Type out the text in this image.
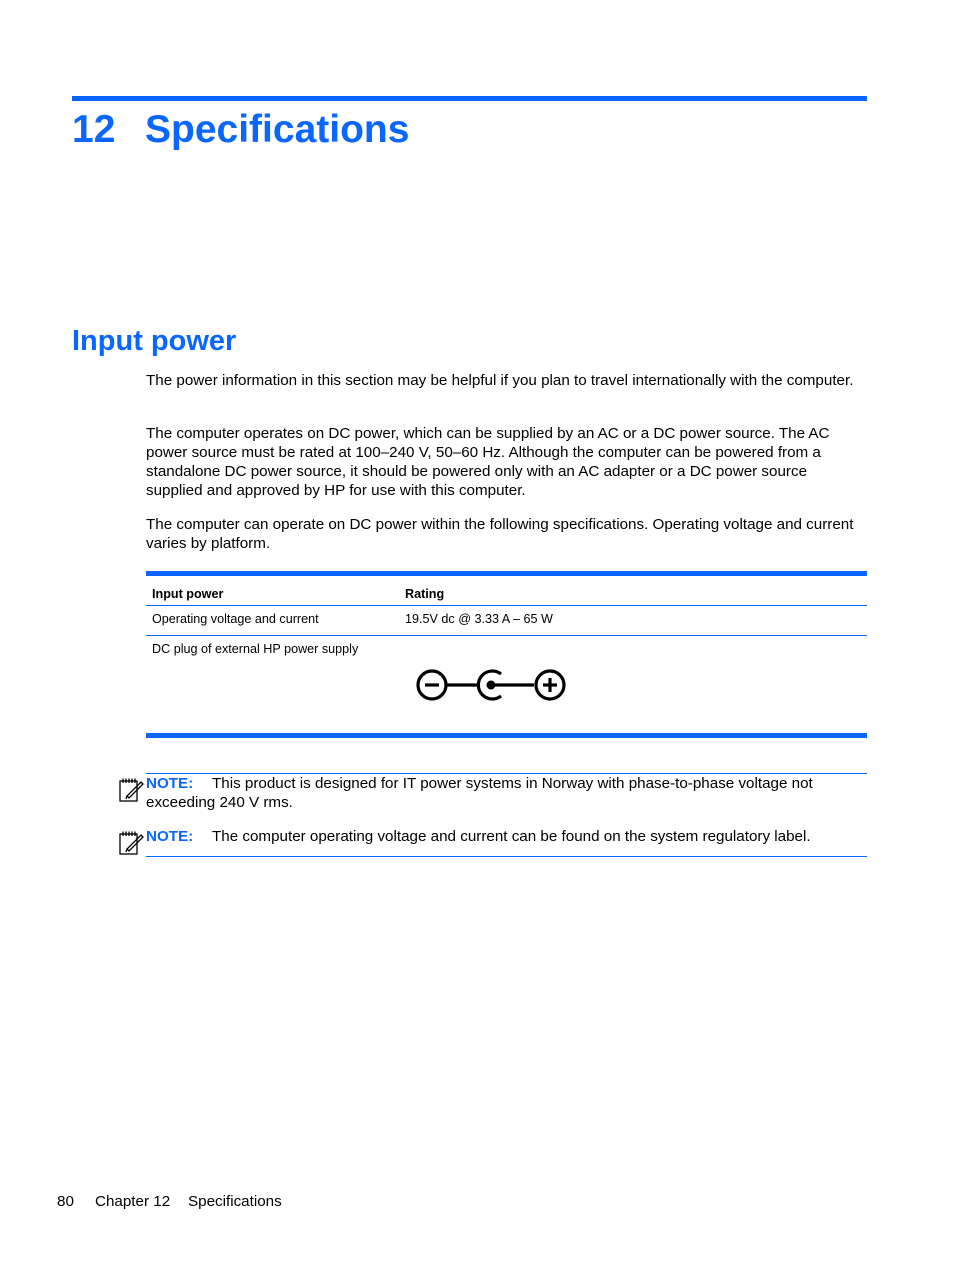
12 Specifications
Input power

The power information in this section may be helpful if you plan to travel internationally with the computer.

The computer operates on DC power, which can be supplied by an AC or a DC power source. The AC power source must be rated at 100–240 V, 50–60 Hz. Although the computer can be powered from a standalone DC power source, it should be powered only with an AC adapter or a DC power source supplied and approved by HP for use with this computer.

The computer can operate on DC power within the following specifications. Operating voltage and current varies by platform.

Input power	Rating
Operating voltage and current	19.5V dc @ 3.33 A – 65 W
DC plug of external HP power supply
NOTE: This product is designed for IT power systems in Norway with phase-to-phase voltage not exceeding 240 V rms.
NOTE: The computer operating voltage and current can be found on the system regulatory label.
80 Chapter 12 Specifications
